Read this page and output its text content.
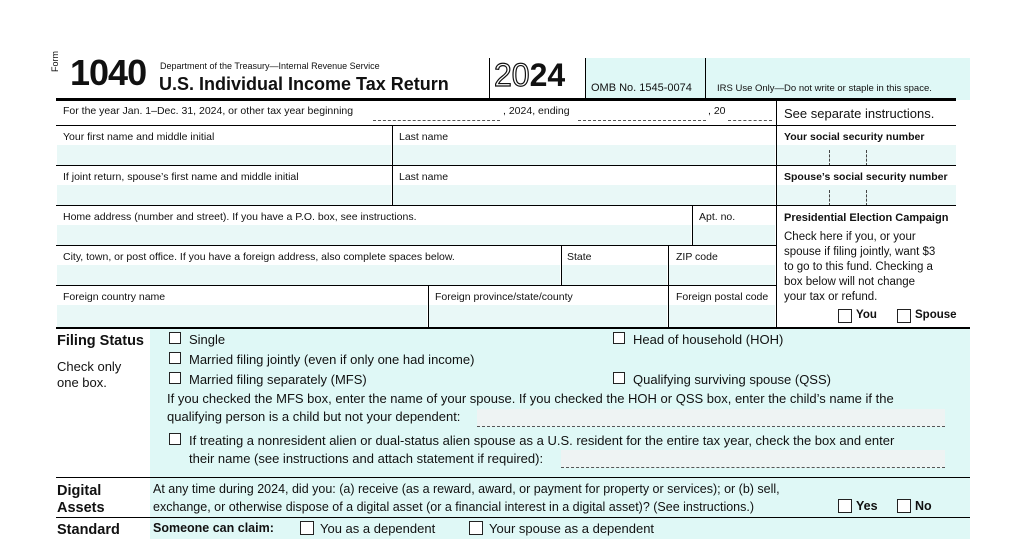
Form 1040 Department of the Treasury—Internal Revenue Service
U.S. Individual Income Tax Return 2024 OMB No. 1545-0074	IRS Use Only—Do not write or staple in this space.
For the year Jan. 1–Dec. 31, 2024, or other tax year beginning	, 2024, ending	, 20	See separate instructions.
Your first name and middle initial	Last name	Your social security number
If joint return, spouse’s first name and middle initial	Last name	Spouse’s social security number
Home address (number and street). If you have a P.O. box, see instructions.	Apt. no.
City, town, or post office. If you have a foreign address, also complete spaces below.	State	ZIP code
Foreign country name	Foreign province/state/county	Foreign postal code
Presidential Election Campaign
Check here if you, or your
spouse if filing jointly, want $3
to go to this fund. Checking a
box below will not change
your tax or refund.
You	Spouse
Filing Status
Check only
one box.
Single
Married filing jointly (even if only one had income)
Married filing separately (MFS)
Head of household (HOH)
Qualifying surviving spouse (QSS)
If you checked the MFS box, enter the name of your spouse. If you checked the HOH or QSS box, enter the child’s name if the
qualifying person is a child but not your dependent:
If treating a nonresident alien or dual-status alien spouse as a U.S. resident for the entire tax year, check the box and enter
their name (see instructions and attach statement if required):
Digital
Assets
At any time during 2024, did you: (a) receive (as a reward, award, or payment for property or services); or (b) sell,
exchange, or otherwise dispose of a digital asset (or a financial interest in a digital asset)? (See instructions.)	Yes	No
Standard	Someone can claim:	You as a dependent	Your spouse as a dependent
